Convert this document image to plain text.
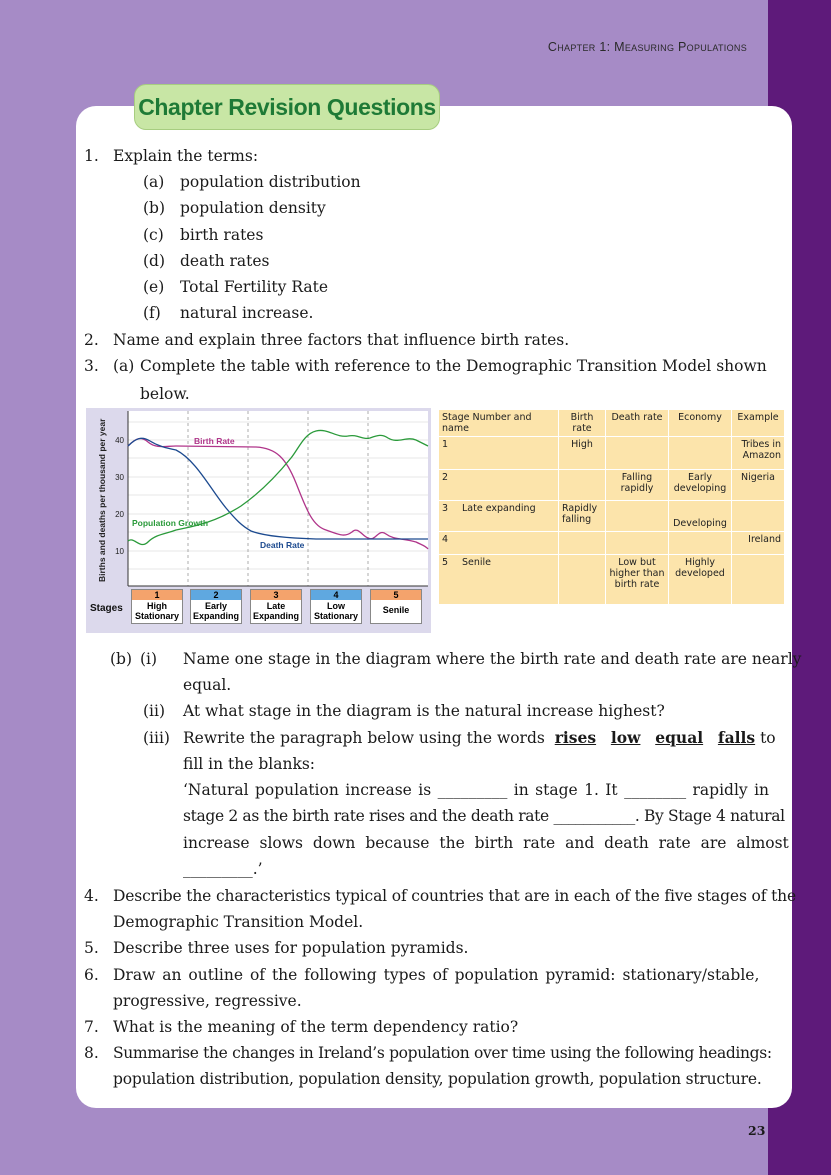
Chapter 1: Measuring Populations
Chapter Revision Questions
1. Explain the terms:
(a) population distribution
(b) population density
(c) birth rates
(d) death rates
(e) Total Fertility Rate
(f) natural increase.
2. Name and explain three factors that influence birth rates.
3. (a) Complete the table with reference to the Demographic Transition Model shown
below.
40
30
20
10
Births and deaths per thousand per year	Birth Rate
Death Rate
Population Growth
Stages
1
High
Stationary
2
Early
Expanding
3
Late
Expanding
4
Low
Stationary
5
Senile
Stage Number and name		Birth rate	Death rate	Economy	Example
1		High			Tribes in Amazon
2			Falling rapidly	Early developing	Nigeria
3	Late expanding	Rapidly falling		Developing	
4					Ireland
5	Senile		Low but higher than birth rate	Highly developed	
(b) (i) Name one stage in the diagram where the birth rate and death rate are nearly
equal.
(ii) At what stage in the diagram is the natural increase highest?
(iii) Rewrite the paragraph below using the words rises low equal falls to
fill in the blanks:
‘Natural population increase is _________ in stage 1. It ________ rapidly in
stage 2 as the birth rate rises and the death rate ___________. By Stage 4 natural
increase slows down because the birth rate and death rate are almost
_________.’
4. Describe the characteristics typical of countries that are in each of the five stages of the
Demographic Transition Model.
5. Describe three uses for population pyramids.
6. Draw an outline of the following types of population pyramid: stationary/stable,
progressive, regressive.
7. What is the meaning of the term dependency ratio?
8. Summarise the changes in Ireland’s population over time using the following headings:
population distribution, population density, population growth, population structure.
23
